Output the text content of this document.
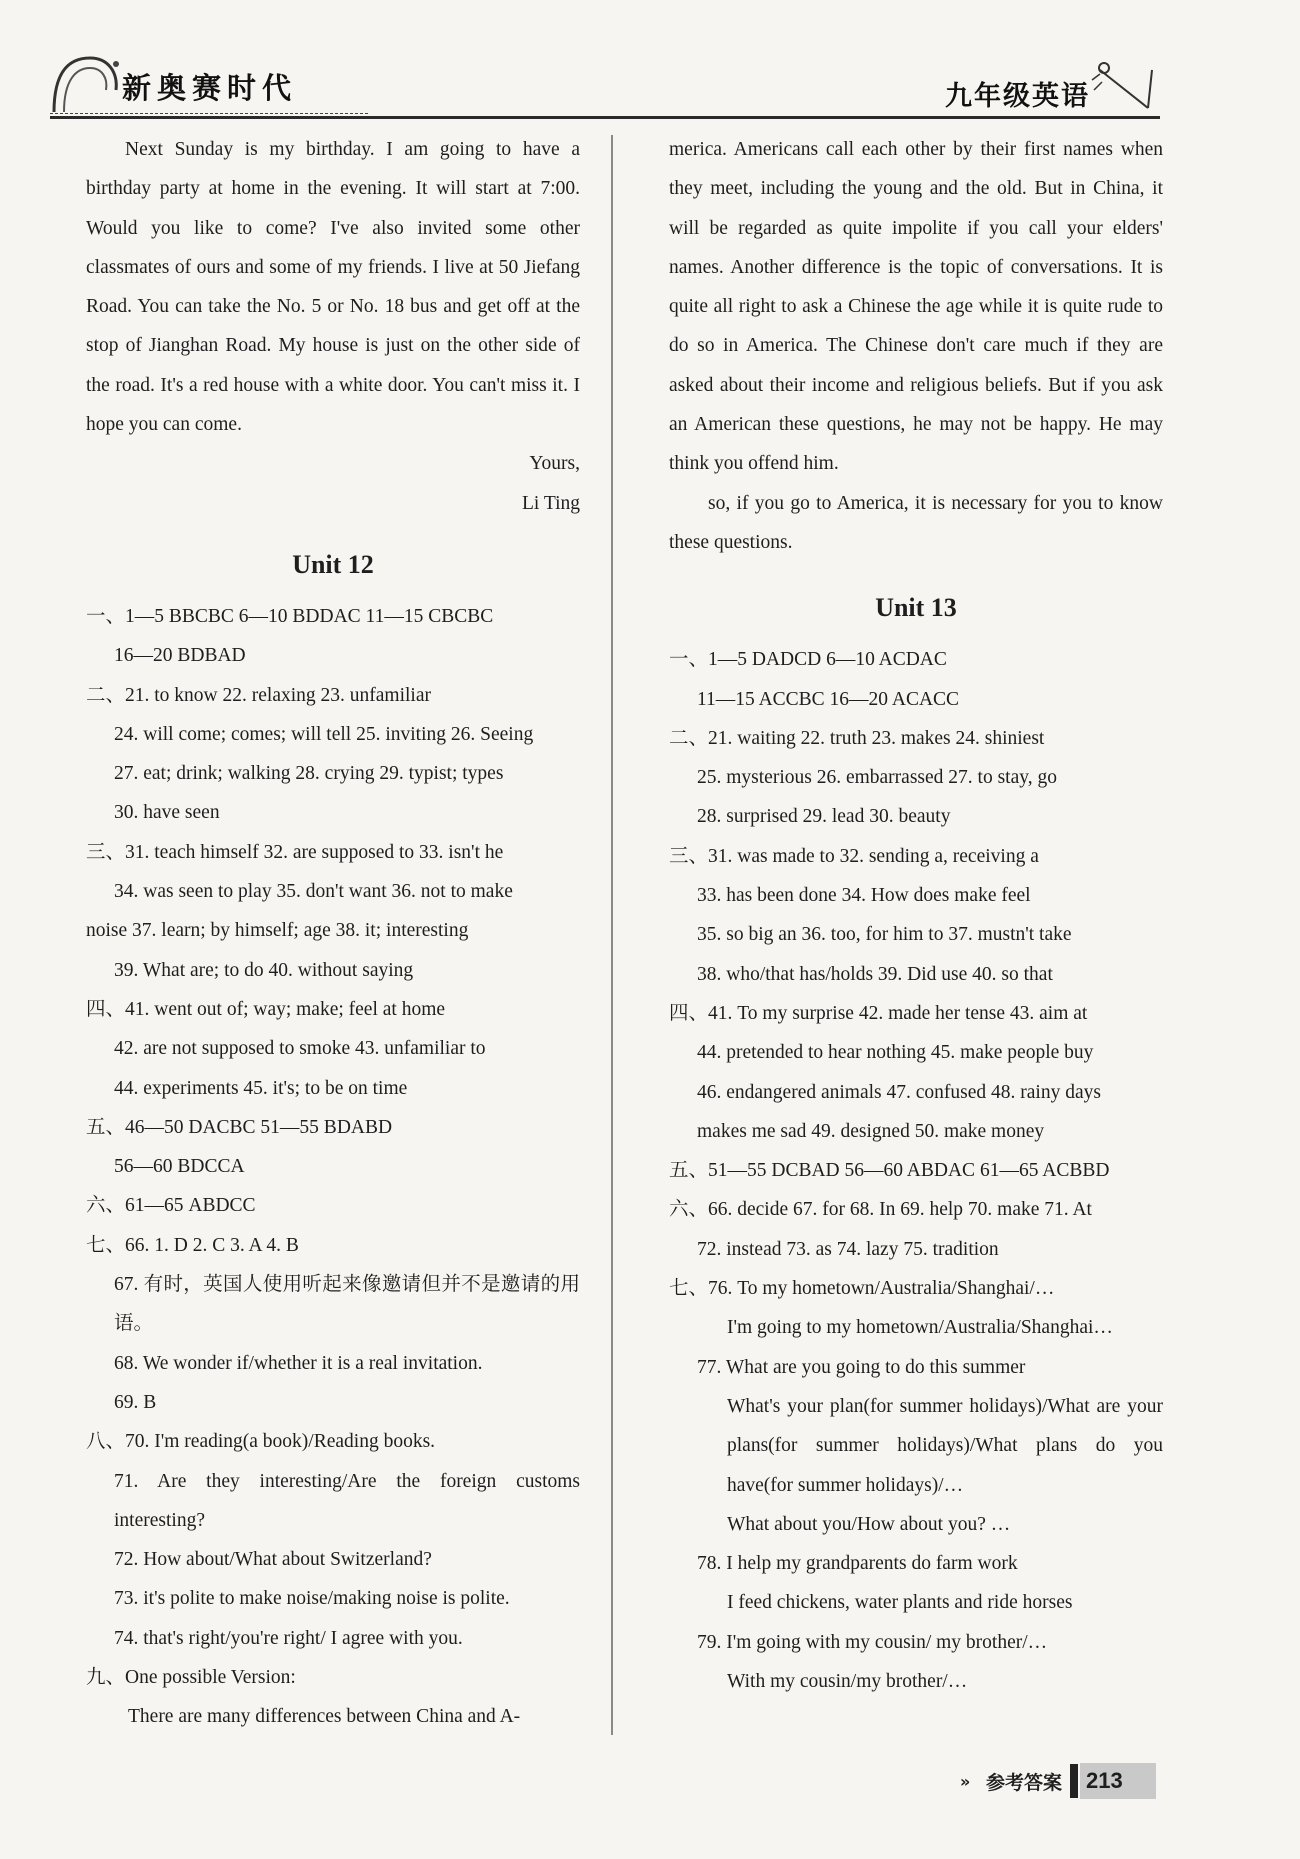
新奥赛时代	九年级英语

Next Sunday is my birthday. I am going to have a birthday party at home in the evening. It will start at 7:00. Would you like to come? I've also invited some other classmates of ours and some of my friends. I live at 50 Jiefang Road. You can take the No. 5 or No. 18 bus and get off at the stop of Jianghan Road. My house is just on the other side of the road. It's a red house with a white door. You can't miss it. I hope you can come.

Yours,

Li Ting

Unit 12

一、1—5 BBCBC 6—10 BDDAC 11—15 CBCBC

16—20 BDBAD

二、21. to know 22. relaxing 23. unfamiliar

24. will come; comes; will tell 25. inviting 26. Seeing

27. eat; drink; walking 28. crying 29. typist; types

30. have seen

三、31. teach himself 32. are supposed to 33. isn't he

34. was seen to play 35. don't want 36. not to make

noise 37. learn; by himself; age 38. it; interesting

39. What are; to do 40. without saying

四、41. went out of; way; make; feel at home

42. are not supposed to smoke 43. unfamiliar to

44. experiments 45. it's; to be on time

五、46—50 DACBC 51—55 BDABD

56—60 BDCCA

六、61—65 ABDCC

七、66. 1. D 2. C 3. A 4. B

67. 有时，英国人使用听起来像邀请但并不是邀请的用语。

68. We wonder if/whether it is a real invitation.

69. B

八、70. I'm reading(a book)/Reading books.

71. Are they interesting/Are the foreign customs interesting?

72. How about/What about Switzerland?

73. it's polite to make noise/making noise is polite.

74. that's right/you're right/ I agree with you.

九、One possible Version:

There are many differences between China and A-

merica. Americans call each other by their first names when they meet, including the young and the old. But in China, it will be regarded as quite impolite if you call your elders' names. Another difference is the topic of conversations. It is quite all right to ask a Chinese the age while it is quite rude to do so in America. The Chinese don't care much if they are asked about their income and religious beliefs. But if you ask an American these questions, he may not be happy. He may think you offend him.

so, if you go to America, it is necessary for you to know these questions.

Unit 13

一、1—5 DADCD 6—10 ACDAC

11—15 ACCBC 16—20 ACACC

二、21. waiting 22. truth 23. makes 24. shiniest

25. mysterious 26. embarrassed 27. to stay, go

28. surprised 29. lead 30. beauty

三、31. was made to 32. sending a, receiving a

33. has been done 34. How does make feel

35. so big an 36. too, for him to 37. mustn't take

38. who/that has/holds 39. Did use 40. so that

四、41. To my surprise 42. made her tense 43. aim at

44. pretended to hear nothing 45. make people buy

46. endangered animals 47. confused 48. rainy days

makes me sad 49. designed 50. make money

五、51—55 DCBAD 56—60 ABDAC 61—65 ACBBD

六、66. decide 67. for 68. In 69. help 70. make 71. At

72. instead 73. as 74. lazy 75. tradition

七、76. To my hometown/Australia/Shanghai/…

I'm going to my hometown/Australia/Shanghai…

77. What are you going to do this summer

What's your plan(for summer holidays)/What are your plans(for summer holidays)/What plans do you have(for summer holidays)/…

What about you/How about you? …

78. I help my grandparents do farm work

I feed chickens, water plants and ride horses

79. I'm going with my cousin/ my brother/…

With my cousin/my brother/…

» 参考答案 213
